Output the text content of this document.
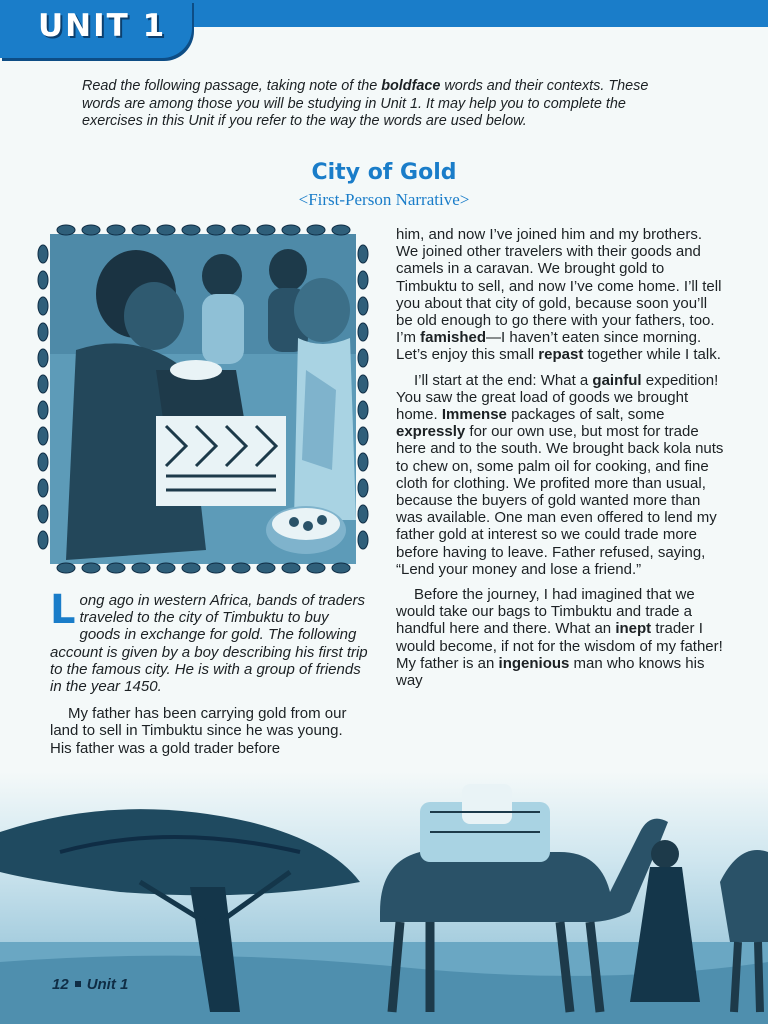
UNIT 1
Read the following passage, taking note of the boldface words and their contexts. These words are among those you will be studying in Unit 1. It may help you to complete the exercises in this Unit if you refer to the way the words are used below.
City of Gold
<First-Person Narrative>

Long ago in western Africa, bands of traders traveled to the city of Timbuktu to buy goods in exchange for gold. The following account is given by a boy describing his first trip to the famous city. He is with a group of friends in the year 1450.

My father has been carrying gold from our land to sell in Timbuktu since he was young. His father was a gold trader before

him, and now I’ve joined him and my brothers. We joined other travelers with their goods and camels in a caravan. We brought gold to Timbuktu to sell, and now I’ve come home. I’ll tell you about that city of gold, because soon you’ll be old enough to go there with your fathers, too. I’m famished—I haven’t eaten since morning. Let’s enjoy this small repast together while I talk.

I’ll start at the end: What a gainful expedition! You saw the great load of goods we brought home. Immense packages of salt, some expressly for our own use, but most for trade here and to the south. We brought back kola nuts to chew on, some palm oil for cooking, and fine cloth for clothing. We profited more than usual, because the buyers of gold wanted more than was available. One man even offered to lend my father gold at interest so we could trade more before having to leave. Father refused, saying, “Lend your money and lose a friend.”

Before the journey, I had imagined that we would take our bags to Timbuktu and trade a handful here and there. What an inept trader I would become, if not for the wisdom of my father! My father is an ingenious man who knows his way

12 Unit 1
